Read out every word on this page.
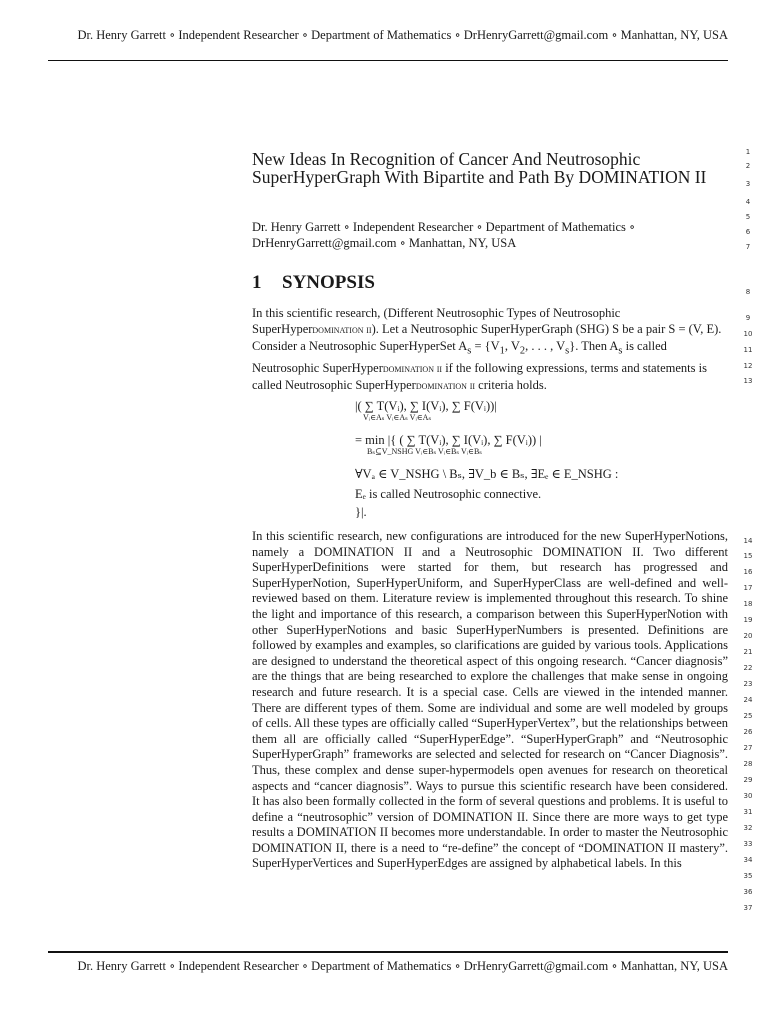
Dr. Henry Garrett ∘ Independent Researcher ∘ Department of Mathematics ∘ DrHenryGarrett@gmail.com ∘ Manhattan, NY, USA
New Ideas In Recognition of Cancer And Neutrosophic SuperHyperGraph With Bipartite and Path By DOMINATION II
Dr. Henry Garrett ∘ Independent Researcher ∘ Department of Mathematics ∘ DrHenryGarrett@gmail.com ∘ Manhattan, NY, USA
1 SYNOPSIS
In this scientific research, (Different Neutrosophic Types of Neutrosophic SuperHyperdomination ii). Let a Neutrosophic SuperHyperGraph (SHG) S be a pair S = (V, E). Consider a Neutrosophic SuperHyperSet $A_s = \{V_1$, $V_2$, . . . , $V_s$}. Then $A_s$ is called Neutrosophic SuperHyperdomination ii if the following expressions, terms and statements is called Neutrosophic SuperHyperdomination ii criteria holds.
|( ∑ T(Vᵢ), ∑ I(Vᵢ), ∑ F(Vᵢ))|
Vᵢ∈Aₛ Vᵢ∈Aₛ Vᵢ∈Aₛ
= min |{ ( ∑ T(Vᵢ), ∑ I(Vᵢ), ∑ F(Vᵢ)) |
Bₛ⊆V_NSHG Vᵢ∈Bₛ Vᵢ∈Bₛ Vᵢ∈Bₛ
∀Vₐ ∈ V_NSHG \ Bₛ, ∃V_b ∈ Bₛ, ∃Eₑ ∈ E_NSHG :
Eₑ is called Neutrosophic connective.
}|.
In this scientific research, new configurations are introduced for the new SuperHyperNotions, namely a DOMINATION II and a Neutrosophic DOMINATION II. Two different SuperHyperDefinitions were started for them, but research has progressed and SuperHyperNotion, SuperHyperUniform, and SuperHyperClass are well-defined and well-reviewed based on them. Literature review is implemented throughout this research. To shine the light and importance of this research, a comparison between this SuperHyperNotion with other SuperHyperNotions and basic SuperHyperNumbers is presented. Definitions are followed by examples and examples, so clarifications are guided by various tools. Applications are designed to understand the theoretical aspect of this ongoing research. “Cancer diagnosis” are the things that are being researched to explore the challenges that make sense in ongoing research and future research. It is a special case. Cells are viewed in the intended manner. There are different types of them. Some are individual and some are well modeled by groups of cells. All these types are officially called “SuperHyperVertex”, but the relationships between them all are officially called “SuperHyperEdge”. “SuperHyperGraph” and “Neutrosophic SuperHyperGraph” frameworks are selected and selected for research on “Cancer Diagnosis”. Thus, these complex and dense super-hypermodels open avenues for research on theoretical aspects and “cancer diagnosis”. Ways to pursue this scientific research have been considered. It has also been formally collected in the form of several questions and problems. It is useful to define a “neutrosophic” version of DOMINATION II. Since there are more ways to get type results a DOMINATION II becomes more understandable. In order to master the Neutrosophic DOMINATION II, there is a need to “re-define” the concept of “DOMINATION II mastery”. SuperHyperVertices and SuperHyperEdges are assigned by alphabetical labels. In this
1
2
3
4
5
6
7
8
9
10
11
12
13
14
15
16
17
18
19
20
21
22
23
24
25
26
27
28
29
30
31
32
33
34
35
36
37
Dr. Henry Garrett ∘ Independent Researcher ∘ Department of Mathematics ∘ DrHenryGarrett@gmail.com ∘ Manhattan, NY, USA
